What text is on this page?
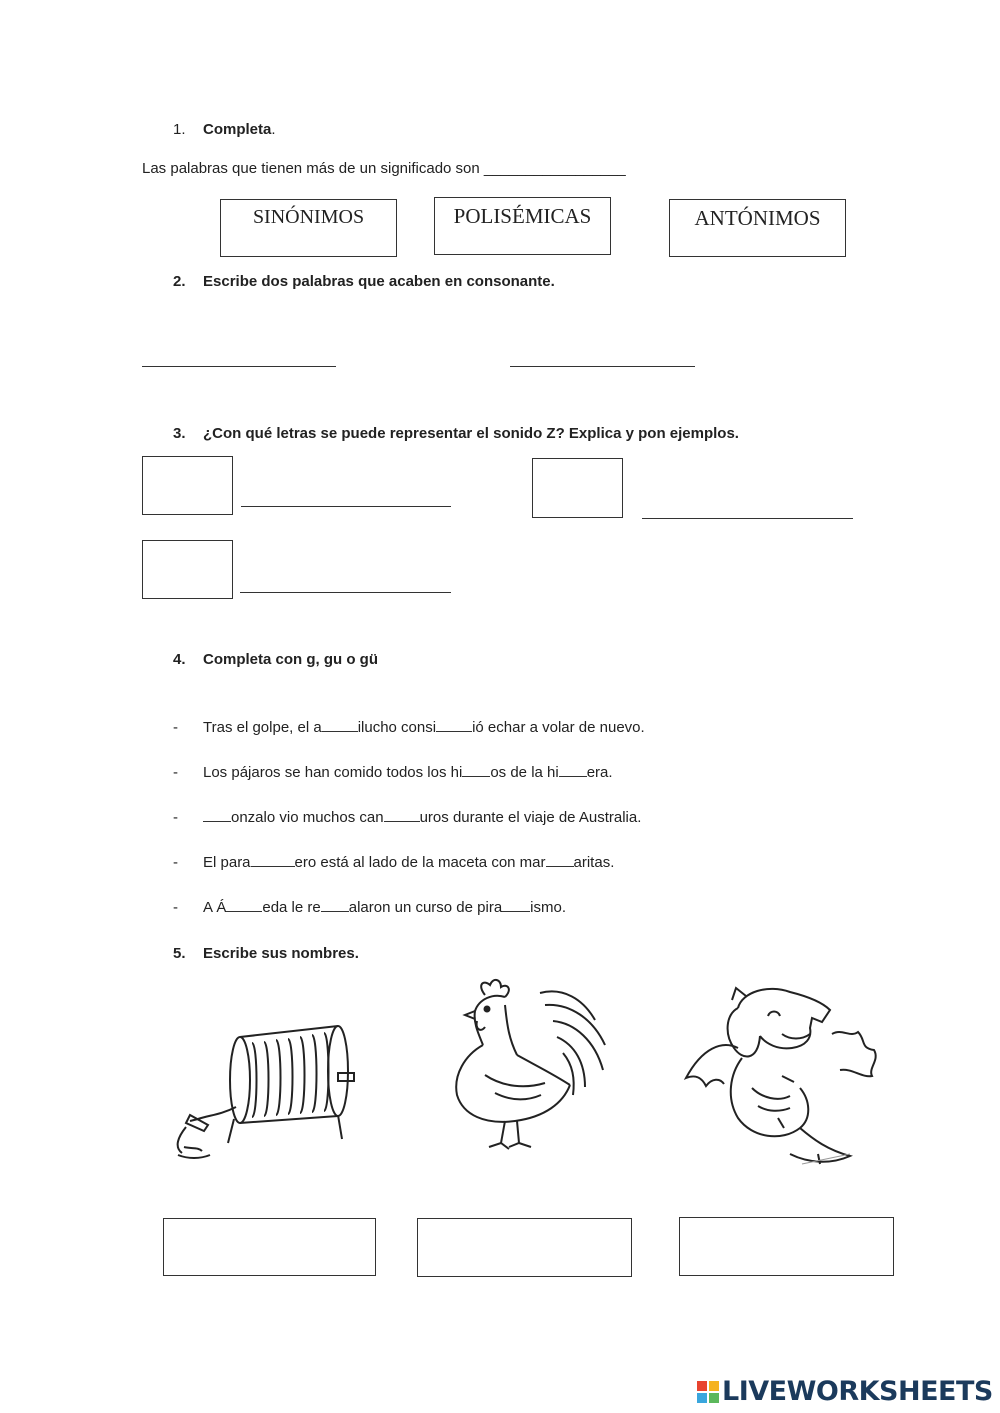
1. Completa.
Las palabras que tienen más de un significado son _________________
SINÓNIMOS	POLISÉMICAS	ANTÓNIMOS
2. Escribe dos palabras que acaben en consonante.
3. ¿Con qué letras se puede representar el sonido Z? Explica y pon ejemplos.
4. Completa con g, gu o gü
- Tras el golpe, el a ilucho consi ió echar a volar de nuevo.
- Los pájaros se han comido todos los hi os de la hi era.
-	onzalo vio muchos can uros durante el viaje de Australia.
- El para	ero está al lado de la maceta con mar aritas.
- A Á eda le re alaron un curso de pira ismo.
5. Escribe sus nombres.
LIVEWORKSHEETS
